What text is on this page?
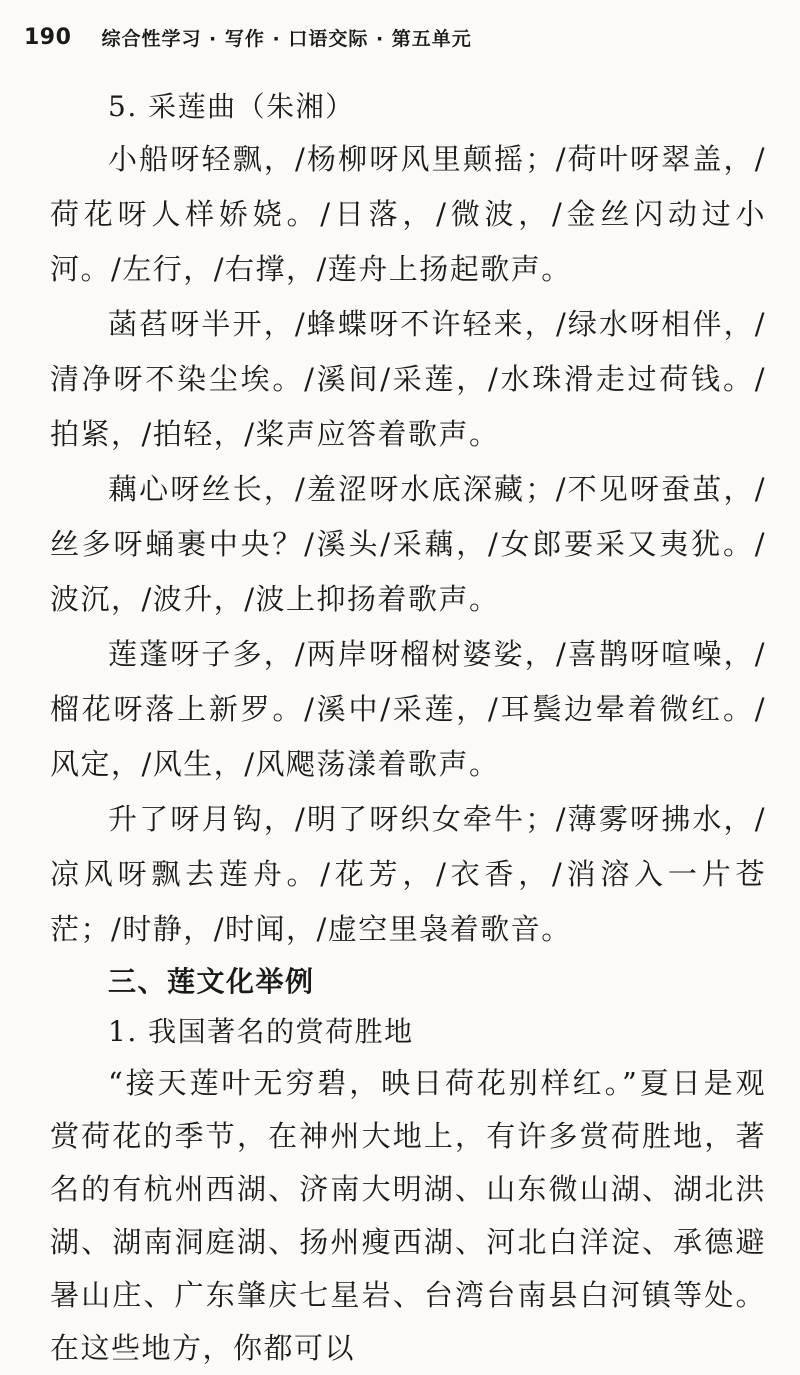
190 综合性学习 · 写作 · 口语交际 · 第五单元

5. 采莲曲（朱湘）

小船呀轻飘，/杨柳呀风里颠摇；/荷叶呀翠盖，/荷花呀人样娇娆。/日落，/微波，/金丝闪动过小河。/左行，/右撑，/莲舟上扬起歌声。

菡萏呀半开，/蜂蝶呀不许轻来，/绿水呀相伴，/清净呀不染尘埃。/溪间/采莲，/水珠滑走过荷钱。/拍紧，/拍轻，/桨声应答着歌声。

藕心呀丝长，/羞涩呀水底深藏；/不见呀蚕茧，/丝多呀蛹裹中央？/溪头/采藕，/女郎要采又夷犹。/波沉，/波升，/波上抑扬着歌声。

莲蓬呀子多，/两岸呀榴树婆娑，/喜鹊呀喧噪，/榴花呀落上新罗。/溪中/采莲，/耳鬓边晕着微红。/风定，/风生，/风飔荡漾着歌声。

升了呀月钩，/明了呀织女牵牛；/薄雾呀拂水，/凉风呀飘去莲舟。/花芳，/衣香，/消溶入一片苍茫；/时静，/时闻，/虚空里袅着歌音。

三、莲文化举例

1. 我国著名的赏荷胜地

“接天莲叶无穷碧，映日荷花别样红。”夏日是观赏荷花的季节，在神州大地上，有许多赏荷胜地，著名的有杭州西湖、济南大明湖、山东微山湖、湖北洪湖、湖南洞庭湖、扬州瘦西湖、河北白洋淀、承德避暑山庄、广东肇庆七星岩、台湾台南县白河镇等处。在这些地方，你都可以
